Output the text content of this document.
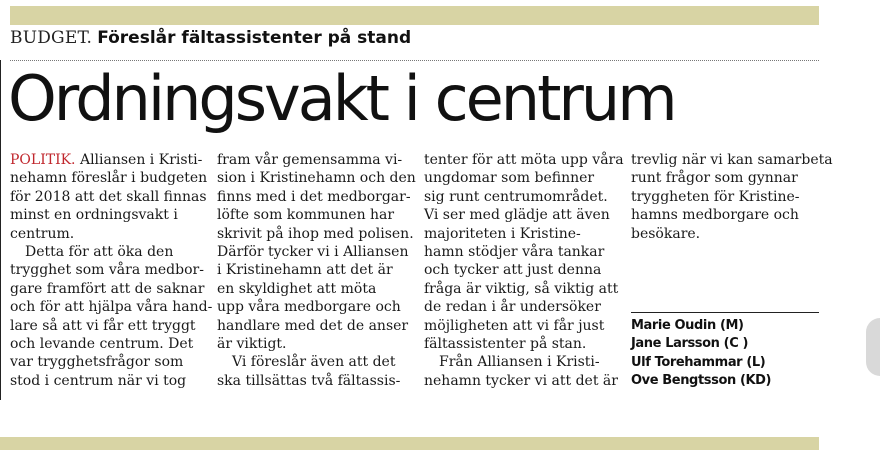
BUDGET. Föreslår fältassistenter på stand
Ordningsvakt i centrum
POLITIK. Alliansen i Kristi-
nehamn föreslår i budgeten
för 2018 att det skall finnas
minst en ordningsvakt i
centrum.
Detta för att öka den
trygghet som våra medbor-
gare framfört att de saknar
och för att hjälpa våra hand-
lare så att vi får ett tryggt
och levande centrum. Det
var trygghetsfrågor som
stod i centrum när vi tog
fram vår gemensamma vi-
sion i Kristinehamn och den
finns med i det medborgar-
löfte som kommunen har
skrivit på ihop med polisen.
Därför tycker vi i Alliansen
i Kristinehamn att det är
en skyldighet att möta
upp våra medborgare och
handlare med det de anser
är viktigt.
Vi föreslår även att det
ska tillsättas två fältassis-
tenter för att möta upp våra
ungdomar som befinner
sig runt centrumområdet.
Vi ser med glädje att även
majoriteten i Kristine-
hamn stödjer våra tankar
och tycker att just denna
fråga är viktig, så viktig att
de redan i år undersöker
möjligheten att vi får just
fältassistenter på stan.
Från Alliansen i Kristi-
nehamn tycker vi att det är
trevlig när vi kan samarbeta
runt frågor som gynnar
tryggheten för Kristine-
hamns medborgare och
besökare.
Marie Oudin (M)
Jane Larsson (C )
Ulf Torehammar (L)
Ove Bengtsson (KD)
